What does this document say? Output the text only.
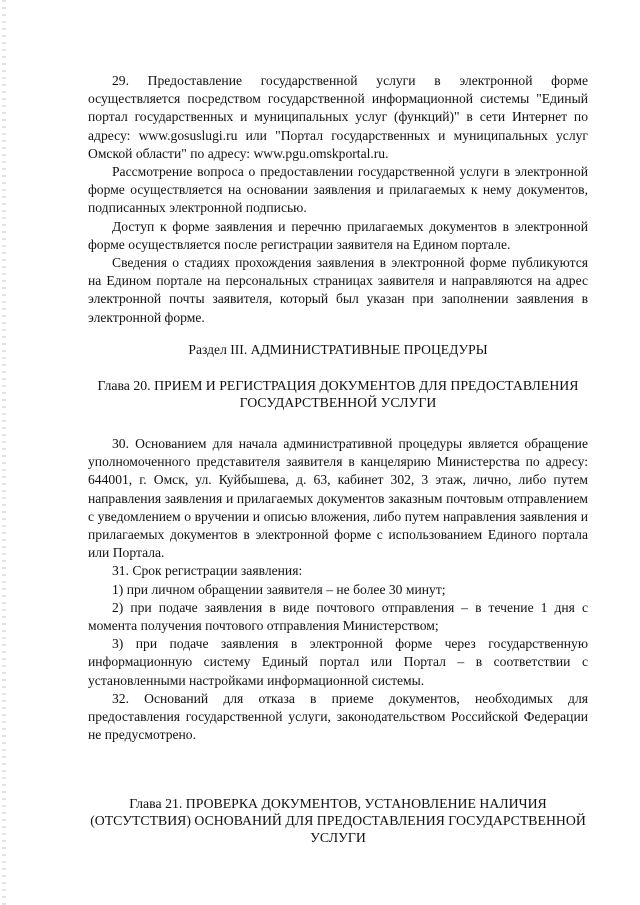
29. Предоставление государственной услуги в электронной форме осуществляется посредством государственной информационной системы "Единый портал государственных и муниципальных услуг (функций)" в сети Интернет по адресу: www.gosuslugi.ru или "Портал государственных и муниципальных услуг Омской области" по адресу: www.pgu.omskportal.ru.

Рассмотрение вопроса о предоставлении государственной услуги в электронной форме осуществляется на основании заявления и прилагаемых к нему документов, подписанных электронной подписью.

Доступ к форме заявления и перечню прилагаемых документов в электронной форме осуществляется после регистрации заявителя на Едином портале.

Сведения о стадиях прохождения заявления в электронной форме публикуются на Едином портале на персональных страницах заявителя и направляются на адрес электронной почты заявителя, который был указан при заполнении заявления в электронной форме.

Раздел III. АДМИНИСТРАТИВНЫЕ ПРОЦЕДУРЫ

Глава 20. ПРИЕМ И РЕГИСТРАЦИЯ ДОКУМЕНТОВ ДЛЯ ПРЕДОСТАВЛЕНИЯ ГОСУДАРСТВЕННОЙ УСЛУГИ

30. Основанием для начала административной процедуры является обращение уполномоченного представителя заявителя в канцелярию Министерства по адресу: 644001, г. Омск, ул. Куйбышева, д. 63, кабинет 302, 3 этаж, лично, либо путем направления заявления и прилагаемых документов заказным почтовым отправлением с уведомлением о вручении и описью вложения, либо путем направления заявления и прилагаемых документов в электронной форме с использованием Единого портала или Портала.

31. Срок регистрации заявления:

1) при личном обращении заявителя – не более 30 минут;

2) при подаче заявления в виде почтового отправления – в течение 1 дня с момента получения почтового отправления Министерством;

3) при подаче заявления в электронной форме через государственную информационную систему Единый портал или Портал – в соответствии с установленными настройками информационной системы.

32. Оснований для отказа в приеме документов, необходимых для предоставления государственной услуги, законодательством Российской Федерации не предусмотрено.

Глава 21. ПРОВЕРКА ДОКУМЕНТОВ, УСТАНОВЛЕНИЕ НАЛИЧИЯ (ОТСУТСТВИЯ) ОСНОВАНИЙ ДЛЯ ПРЕДОСТАВЛЕНИЯ ГОСУДАРСТВЕННОЙ УСЛУГИ
